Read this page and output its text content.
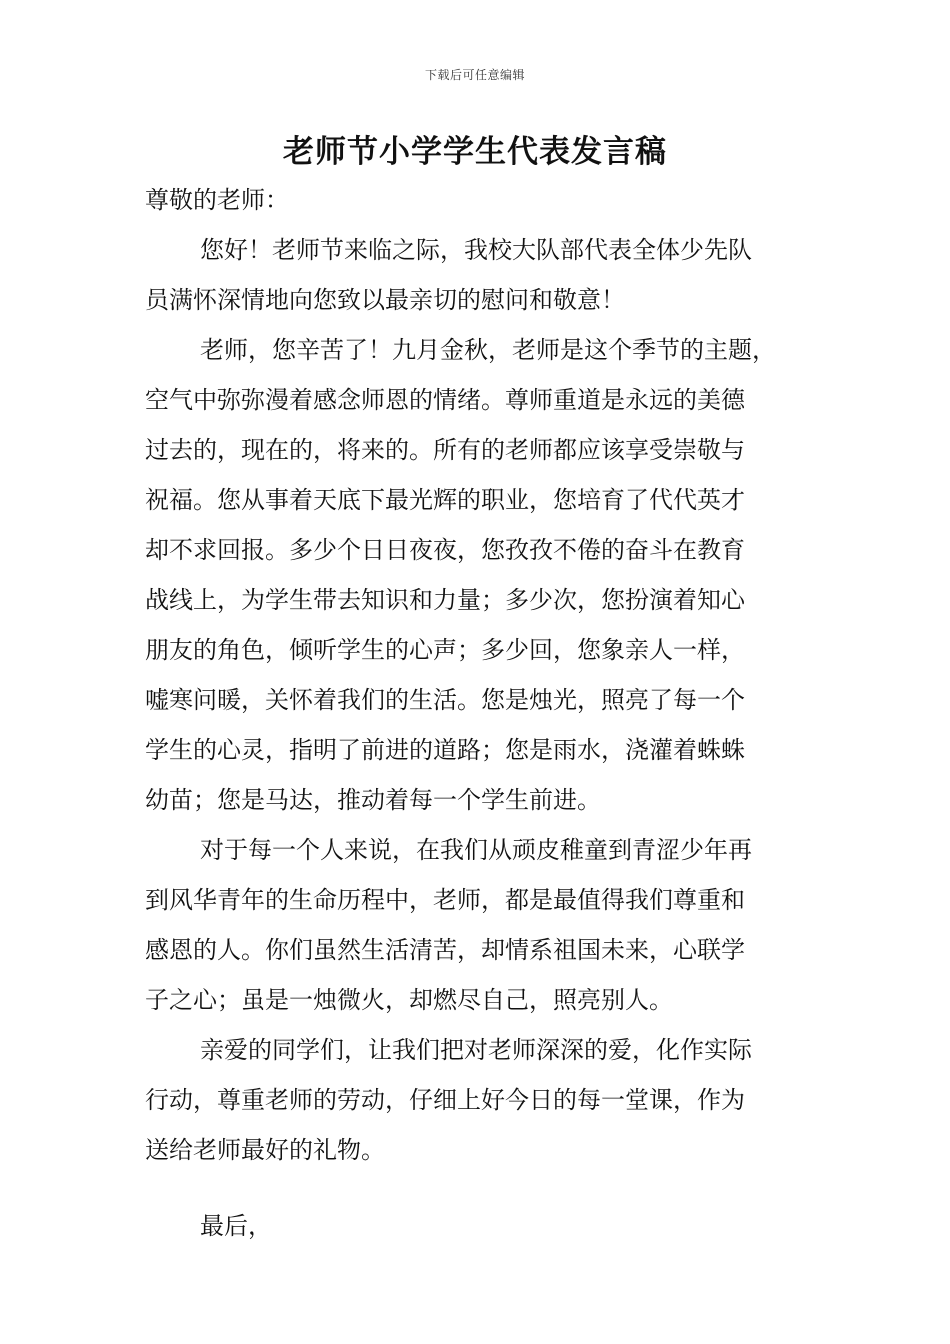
下载后可任意编辑
老师节小学学生代表发言稿
尊敬的老师：
您好！老师节来临之际，我校大队部代表全体少先队
员满怀深情地向您致以最亲切的慰问和敬意！
老师，您辛苦了！九月金秋，老师是这个季节的主题，
空气中弥弥漫着感念师恩的情绪。尊师重道是永远的美德
过去的，现在的，将来的。所有的老师都应该享受崇敬与
祝福。您从事着天底下最光辉的职业，您培育了代代英才
却不求回报。多少个日日夜夜，您孜孜不倦的奋斗在教育
战线上，为学生带去知识和力量；多少次，您扮演着知心
朋友的角色，倾听学生的心声；多少回，您象亲人一样，
嘘寒问暖，关怀着我们的生活。您是烛光，照亮了每一个
学生的心灵，指明了前进的道路；您是雨水，浇灌着蛛蛛
幼苗；您是马达，推动着每一个学生前进。
对于每一个人来说，在我们从顽皮稚童到青涩少年再
到风华青年的生命历程中，老师，都是最值得我们尊重和
感恩的人。你们虽然生活清苦，却情系祖国未来，心联学
子之心；虽是一烛微火，却燃尽自己，照亮别人。
亲爱的同学们，让我们把对老师深深的爱，化作实际
行动，尊重老师的劳动，仔细上好今日的每一堂课，作为
送给老师最好的礼物。
最后，
